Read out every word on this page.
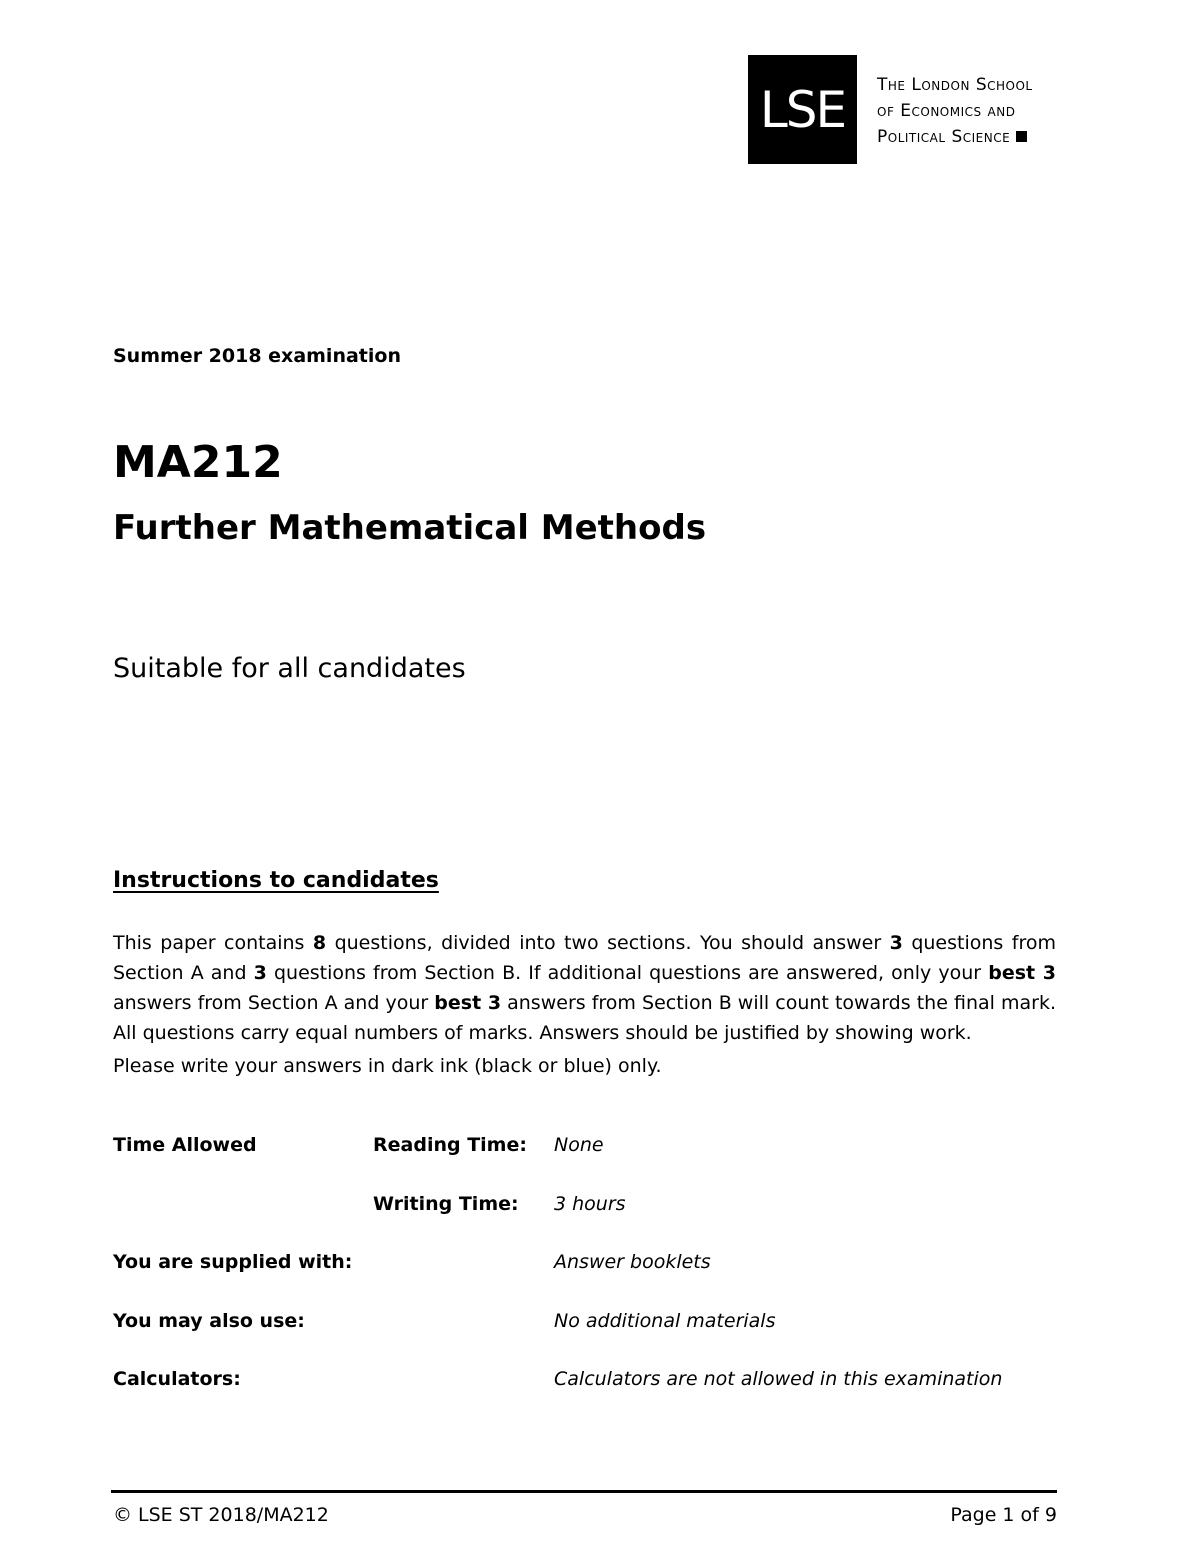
LSE	The London School
of Economics and
Political Science
Summer 2018 examination
MA212
Further Mathematical Methods
Suitable for all candidates
Instructions to candidates
This paper contains 8 questions, divided into two sections. You should answer 3 questions from Section A and 3 questions from Section B. If additional questions are answered, only your best 3 answers from Section A and your best 3 answers from Section B will count towards the final mark. All questions carry equal numbers of marks. Answers should be justified by showing work.
Please write your answers in dark ink (black or blue) only.
Time Allowed	Reading Time: None
Writing Time: 3 hours
You are supplied with:	Answer booklets
You may also use:	No additional materials
Calculators:	Calculators are not allowed in this examination
© LSE ST 2018/MA212	Page 1 of 9
